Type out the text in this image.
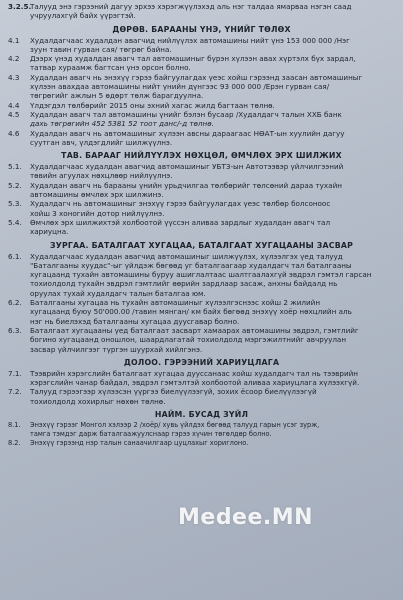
3.2.5.
Талууд энэ гэрээний дагуу эрхээ хэрэгжүүлэхэд аль нэг талдаа ямарваа нэгэн саад
учруулахгүй байх үүрэгтэй.
ДӨРӨВ. БАРААНЫ ҮНЭ, ҮНИЙГ ТӨЛӨХ
4.1	Худалдагчаас худалдан авагчид нийлүүлэх автомашины нийт үнэ 153 000 000 /Нэг
зуун тавин гурван сая/ төгрөг байна.
4.2	Дээрх үнэд худалдан авагч тал автомашиныг бүрэн хүлээн авах хүртэлх бүх зардал,
татвар хураамж багтсан үнэ орсон болно.
4.3	Худалдан авагч нь энэхүү гэрээ байгуулагдах үеэс хойш гэрээнд заасан автомашиныг
хүлээн авахдаа автомашины нийт үнийн дүнгээс 93 000 000 /Ерэн гурван сая/
төгрөгийг ажлын 5 өдөрт төлж барагдуулна.
4.4	Үлдэгдэл төлбөрийг 2015 оны эхний хагас жилд багтаан төлнө.
4.5	Худалдан авагч тал автомашины үнийг бэлэн бусаар /Худалдагч талын ХХБ банк
дахь төгрөгийн 452 5381 52 тоот данс/-д төлнө.
4.6	Худалдан авагч нь автомашиныг хүлээн авсны дараагаас НӨАТ-ын хуулийн дагуу
суутган авч, үлдэгдлийг шилжүүлнэ.
ТАВ. БАРААГ НИЙЛҮҮЛЭХ НӨХЦӨЛ, ӨМЧЛӨХ ЭРХ ШИЛЖИХ
5.1.	Худалдагчаас худалдан авагчид автомашиныг УБТЗ-ын Автотээвэр үйлчилгээний
төвийн агуулах нөхцлөөр нийлүүлнэ.
5.2.	Худалдан авагч нь барааны үнийн урьдчилгаа төлбөрийг төлсөний дараа тухайн
автомашины өмчлөх эрх шилжинэ.
5.3.	Худалдагч нь автомашиныг энэхүү гэрээ байгуулагдах үеэс төлбөр болсоноос
хойш 3 хоногийн дотор нийлүүлнэ.
5.4.	Өмчлөх эрх шилжихтэй холбоотой үүссэн аливаа зардлыг худалдан авагч тал
хариуцна.
ЗУРГАА. БАТАЛГААТ ХУГАЦАА, БАТАЛГААТ ХУГАЦААНЫ ЗАСВАР
6.1.	Худалдагчаас худалдан авагчид автомашиныг шилжүүлэх, хүлээлгэх үед талууд
"Баталгааны хуудас"-ыг үйлдэж бөгөөд уг баталгаагаар худалдагч тал баталгааны
хугацаанд тухайн автомашины буруу ашиглалтаас шалтгаалахгүй эвдрэл гэмтэл гарсан
тохиолдолд тухайн эвдрэл гэмтлийг өөрийн зардлаар засаж, анхны байдалд нь
оруулах тухай худалдагч талын баталгаа юм.
6.2.	Баталгааны хугацаа нь тухайн автомашиныг хүлээлгэснээс хойш 2 жилийн
хугацаанд буюу 50'000.00 /тавин мянган/ км байх бөгөөд энэхүү хоёр нөхцлийн аль
нэг нь биелэхэд баталгааны хугацаа дуусгавар болно.
6.3.	Баталгаат хугацааны үед баталгаат засварт хамаарах автомашины эвдрэл, гэмтлийг
богино хугацаанд оношлон, шаардлагатай тохиолдолд мэргэжилтнийг авчруулан
засвар үйлчилгээг түргэн шуурхай хийлгэнэ.
ДОЛОО. ГЭРЭЭНИЙ ХАРИУЦЛАГА
7.1.	Тээврийн хэрэгслийн баталгаат хугацаа дууссанаас хойш худалдагч тал нь тээврийн
хэрэгслийн чанар байдал, эвдрэл гэмтэлтэй холбоотой аливаа хариуцлага хүлээхгүй.
7.2.	Талууд гэрээгээр хүлээсэн үүргээ биелүүлээгүй, зохих ёсоор биелүүлээгүй
тохиолдолд хохирлыг нөхөн төлнө.
НАЙМ. БУСАД ЗҮЙЛ
8.1.	Энэхүү гэрээг Монгол хэлээр 2 /хоёр/ хувь үйлдэх бөгөөд талууд гарын үсэг зурж,
тамга тэмдэг дарж баталгаажуулснаар гэрээ хүчин төгөлдөр болно.
8.2.	Энэхүү гэрээнд нэр талын санаачилгаар цуцлахыг хориглоно.
Medee.MN
